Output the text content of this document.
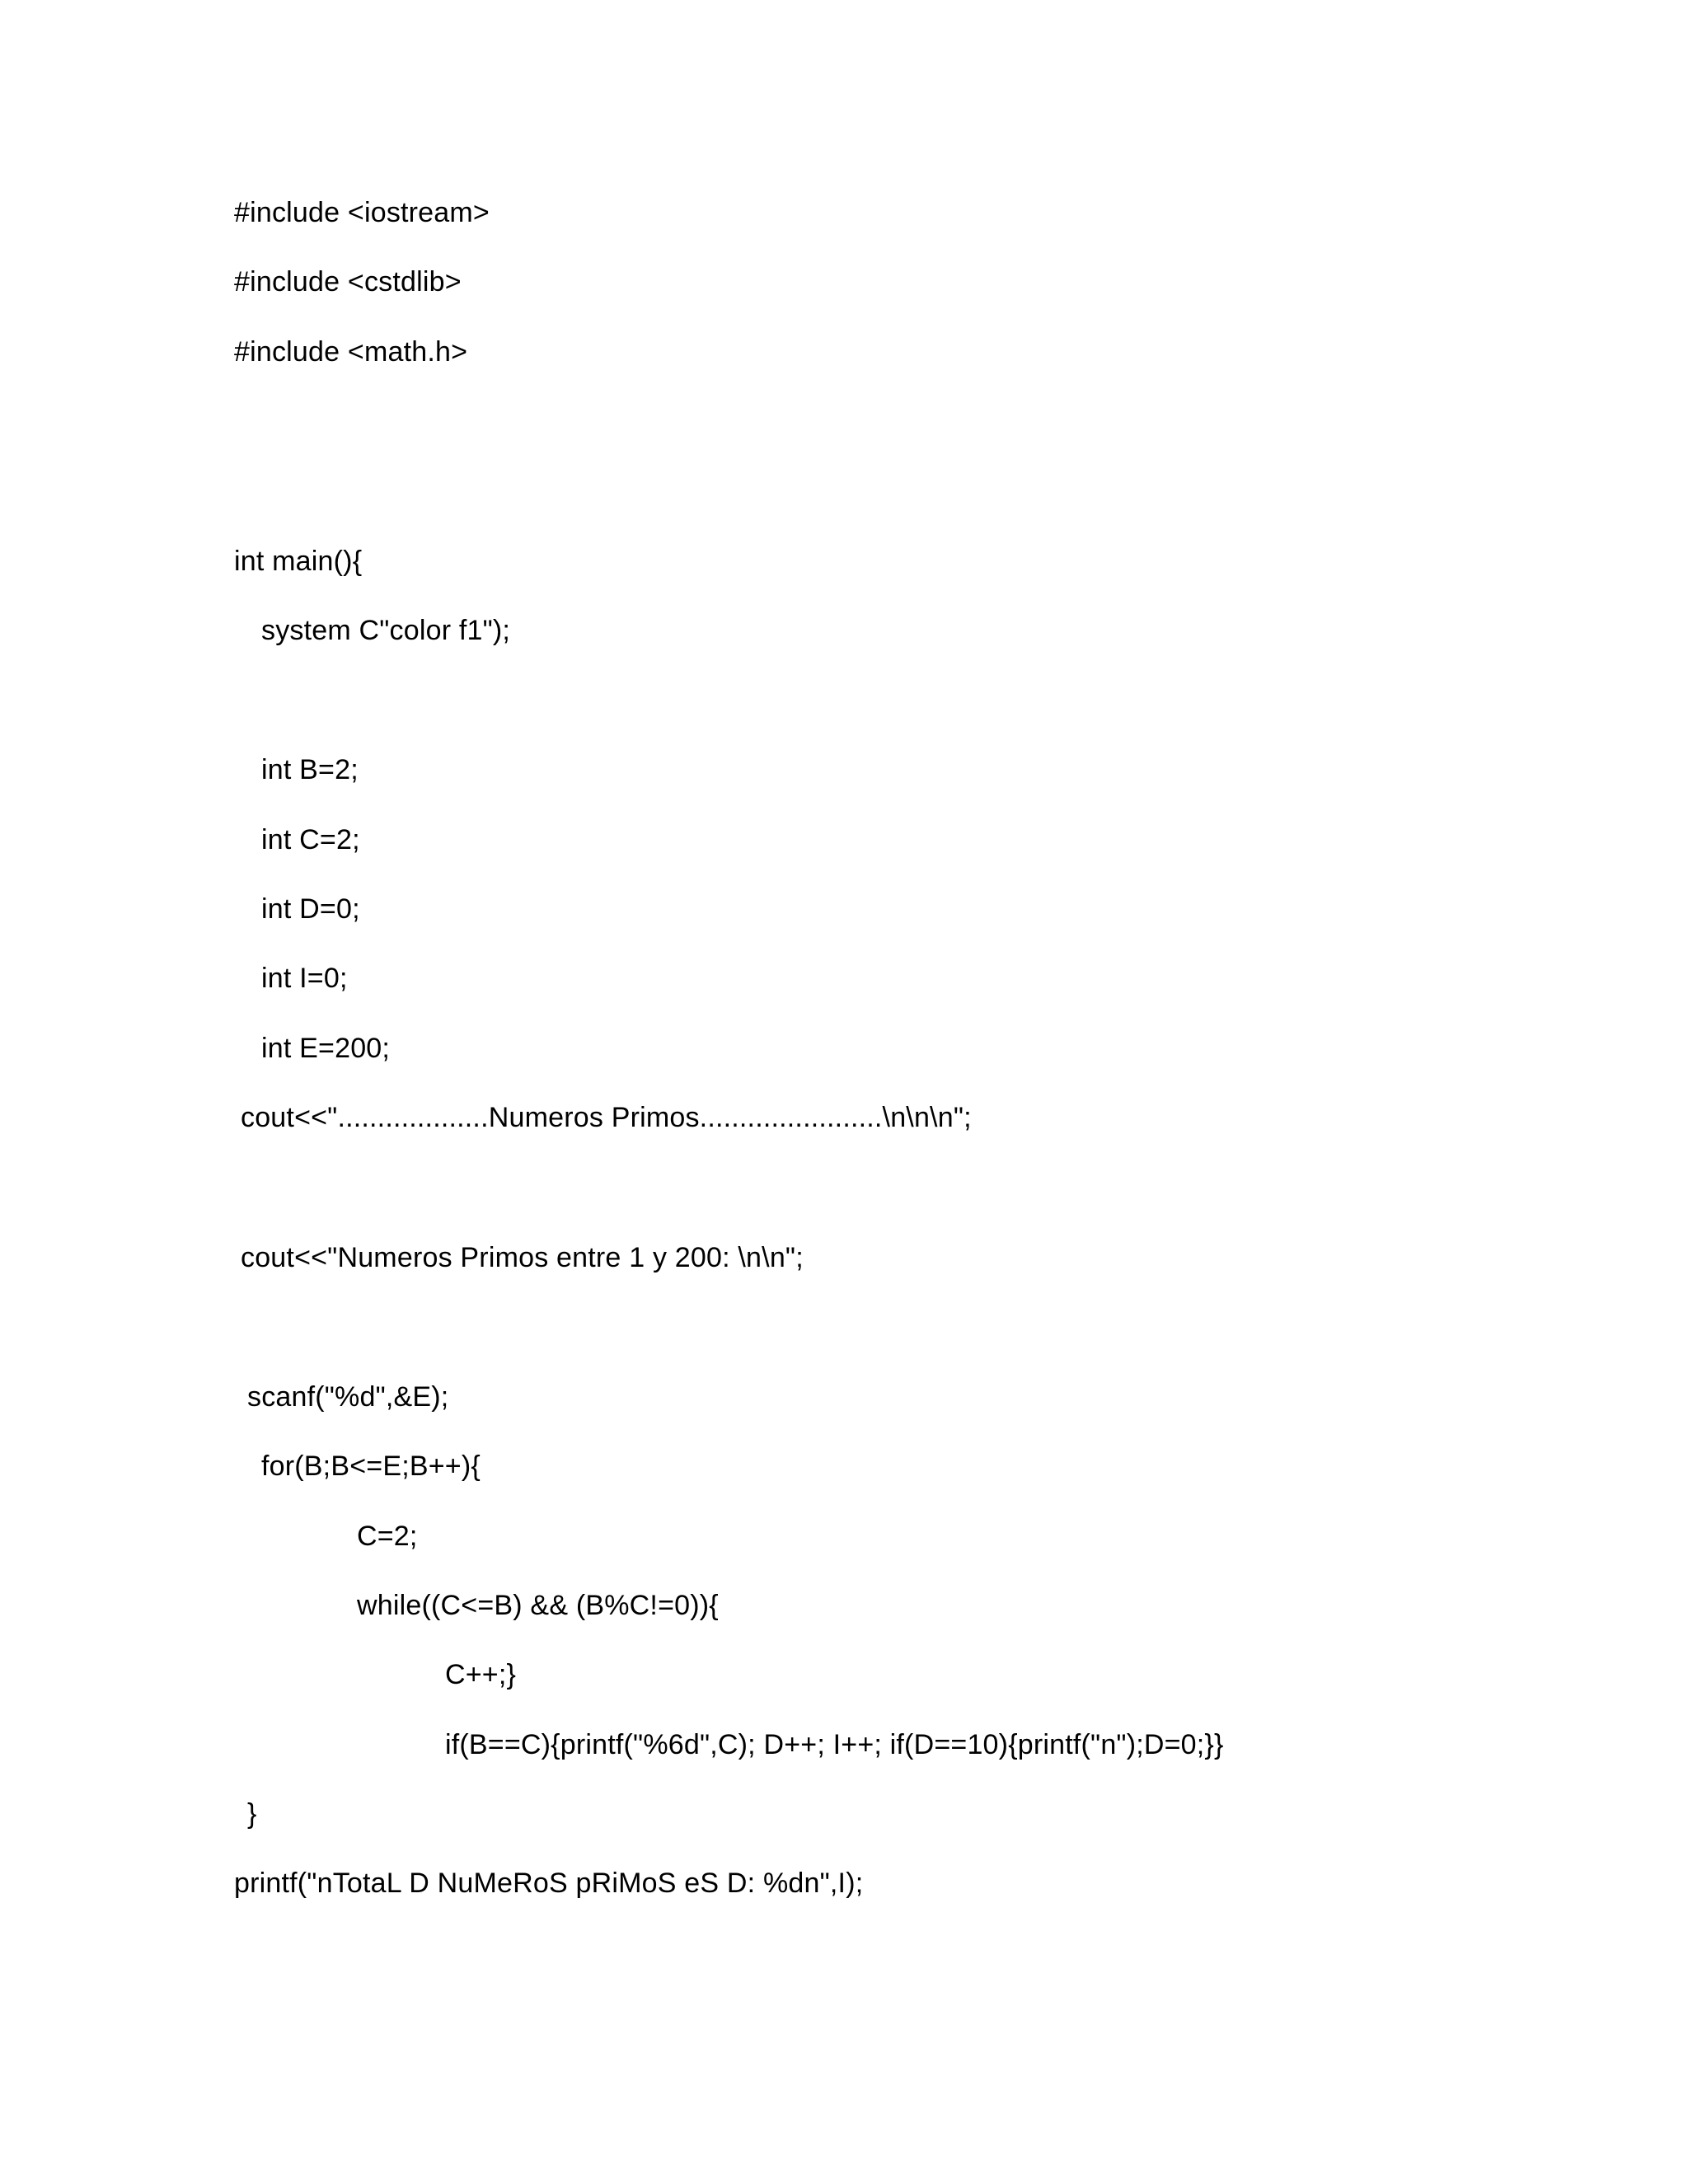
#include <iostream>
#include <cstdlib>
#include <math.h>
int main(){
system C"color f1");
int B=2;
int C=2;
int D=0;
int I=0;
int E=200;
cout<<"...................Numeros Primos.......................\n\n\n";
cout<<"Numeros Primos entre 1 y 200: \n\n";
scanf("%d",&E);
for(B;B<=E;B++){
C=2;
while((C<=B) && (B%C!=0)){
C++;}
if(B==C){printf("%6d",C); D++; I++; if(D==10){printf("n");D=0;}}
}
printf("nTotaL D NuMeRoS pRiMoS eS D: %dn",I);
